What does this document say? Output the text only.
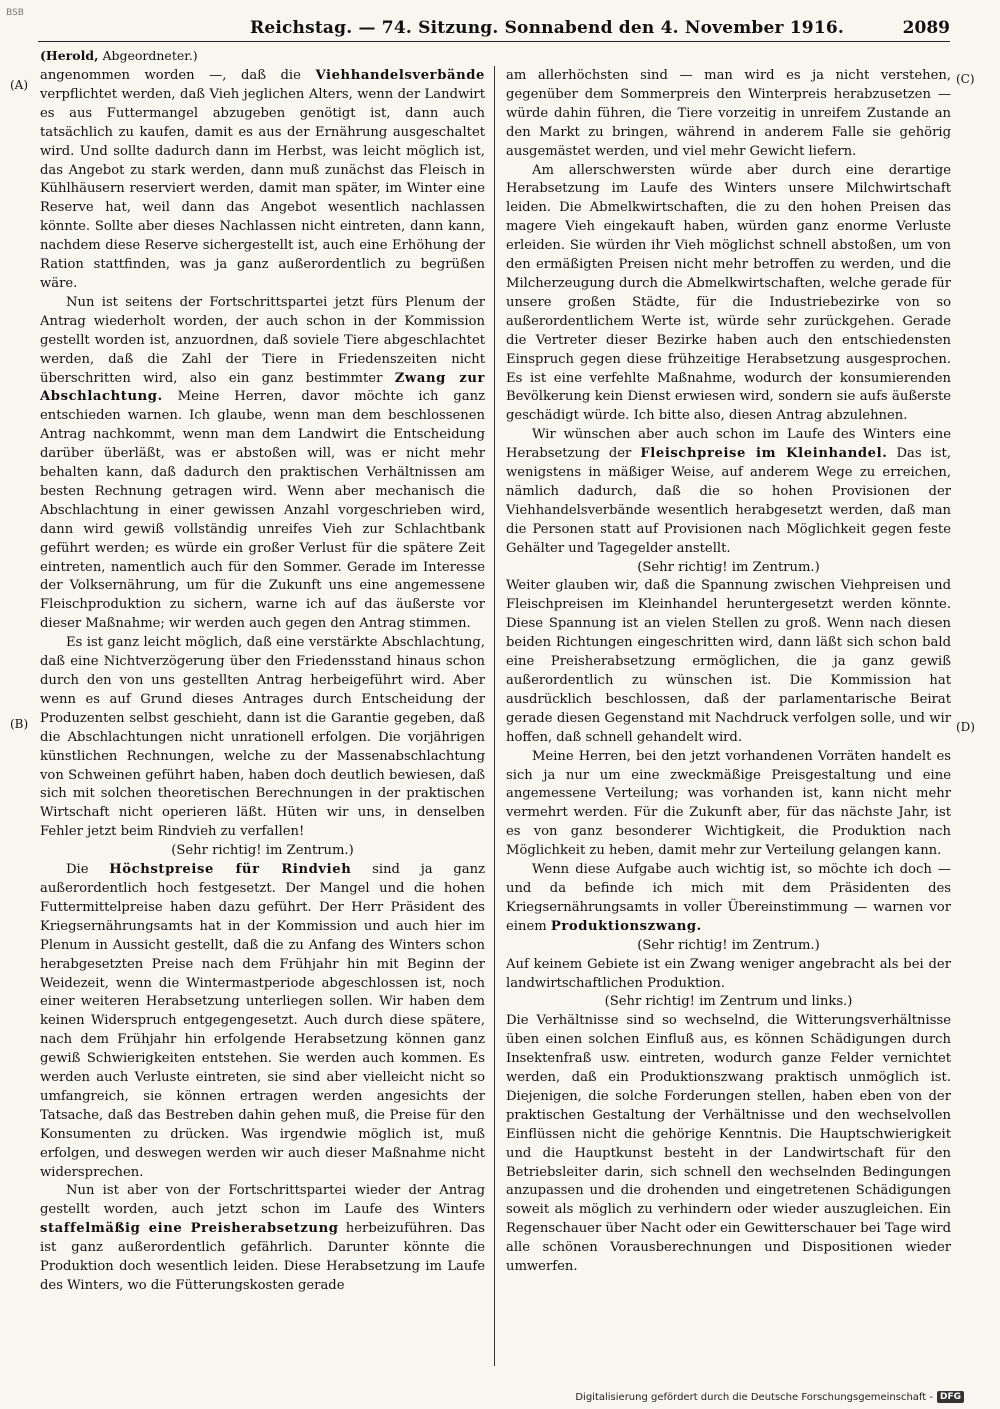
BSB
Reichstag. — 74. Sitzung. Sonnabend den 4. November 1916.	2089
(Herold, Abgeordneter.)
(A)
(B)
(C)
(D)

angenommen worden —, daß die Viehhandelsverbände verpflichtet werden, daß Vieh jeglichen Alters, wenn der Landwirt es aus Futtermangel abzugeben genötigt ist, dann auch tatsächlich zu kaufen, damit es aus der Ernährung ausgeschaltet wird. Und sollte dadurch dann im Herbst, was leicht möglich ist, das Angebot zu stark werden, dann muß zunächst das Fleisch in Kühlhäusern reserviert werden, damit man später, im Winter eine Reserve hat, weil dann das Angebot wesentlich nachlassen könnte. Sollte aber dieses Nachlassen nicht eintreten, dann kann, nachdem diese Reserve sichergestellt ist, auch eine Erhöhung der Ration stattfinden, was ja ganz außerordentlich zu begrüßen wäre.

Nun ist seitens der Fortschrittspartei jetzt fürs Plenum der Antrag wiederholt worden, der auch schon in der Kommission gestellt worden ist, anzuordnen, daß soviele Tiere abgeschlachtet werden, daß die Zahl der Tiere in Friedenszeiten nicht überschritten wird, also ein ganz bestimmter Zwang zur Abschlachtung. Meine Herren, davor möchte ich ganz entschieden warnen. Ich glaube, wenn man dem beschlossenen Antrag nachkommt, wenn man dem Landwirt die Entscheidung darüber überläßt, was er abstoßen will, was er nicht mehr behalten kann, daß dadurch den praktischen Verhältnissen am besten Rechnung getragen wird. Wenn aber mechanisch die Abschlachtung in einer gewissen Anzahl vorgeschrieben wird, dann wird gewiß vollständig unreifes Vieh zur Schlachtbank geführt werden; es würde ein großer Verlust für die spätere Zeit eintreten, namentlich auch für den Sommer. Gerade im Interesse der Volksernährung, um für die Zukunft uns eine angemessene Fleischproduktion zu sichern, warne ich auf das äußerste vor dieser Maßnahme; wir werden auch gegen den Antrag stimmen.

Es ist ganz leicht möglich, daß eine verstärkte Abschlachtung, daß eine Nichtverzögerung über den Friedensstand hinaus schon durch den von uns gestellten Antrag herbeigeführt wird. Aber wenn es auf Grund dieses Antrages durch Entscheidung der Produzenten selbst geschieht, dann ist die Garantie gegeben, daß die Abschlachtungen nicht unrationell erfolgen. Die vorjährigen künstlichen Rechnungen, welche zu der Massenabschlachtung von Schweinen geführt haben, haben doch deutlich bewiesen, daß sich mit solchen theoretischen Berechnungen in der praktischen Wirtschaft nicht operieren läßt. Hüten wir uns, in denselben Fehler jetzt beim Rindvieh zu verfallen!

(Sehr richtig! im Zentrum.)

Die Höchstpreise für Rindvieh sind ja ganz außerordentlich hoch festgesetzt. Der Mangel und die hohen Futtermittelpreise haben dazu geführt. Der Herr Präsident des Kriegsernährungsamts hat in der Kommission und auch hier im Plenum in Aussicht gestellt, daß die zu Anfang des Winters schon herabgesetzten Preise nach dem Frühjahr hin mit Beginn der Weidezeit, wenn die Wintermastperiode abgeschlossen ist, noch einer weiteren Herabsetzung unterliegen sollen. Wir haben dem keinen Widerspruch entgegengesetzt. Auch durch diese spätere, nach dem Frühjahr hin erfolgende Herabsetzung können ganz gewiß Schwierigkeiten entstehen. Sie werden auch kommen. Es werden auch Verluste eintreten, sie sind aber vielleicht nicht so umfangreich, sie können ertragen werden angesichts der Tatsache, daß das Bestreben dahin gehen muß, die Preise für den Konsumenten zu drücken. Was irgendwie möglich ist, muß erfolgen, und deswegen werden wir auch dieser Maßnahme nicht widersprechen.

Nun ist aber von der Fortschrittspartei wieder der Antrag gestellt worden, auch jetzt schon im Laufe des Winters staffelmäßig eine Preisherabsetzung herbeizuführen. Das ist ganz außerordentlich gefährlich. Darunter könnte die Produktion doch wesentlich leiden. Diese Herabsetzung im Laufe des Winters, wo die Fütterungskosten gerade

am allerhöchsten sind — man wird es ja nicht verstehen, gegenüber dem Sommerpreis den Winterpreis herabzusetzen — würde dahin führen, die Tiere vorzeitig in unreifem Zustande an den Markt zu bringen, während in anderem Falle sie gehörig ausgemästet werden, und viel mehr Gewicht liefern.

Am allerschwersten würde aber durch eine derartige Herabsetzung im Laufe des Winters unsere Milchwirtschaft leiden. Die Abmelkwirtschaften, die zu den hohen Preisen das magere Vieh eingekauft haben, würden ganz enorme Verluste erleiden. Sie würden ihr Vieh möglichst schnell abstoßen, um von den ermäßigten Preisen nicht mehr betroffen zu werden, und die Milcherzeugung durch die Abmelkwirtschaften, welche gerade für unsere großen Städte, für die Industriebezirke von so außerordentlichem Werte ist, würde sehr zurückgehen. Gerade die Vertreter dieser Bezirke haben auch den entschiedensten Einspruch gegen diese frühzeitige Herabsetzung ausgesprochen. Es ist eine verfehlte Maßnahme, wodurch der konsumierenden Bevölkerung kein Dienst erwiesen wird, sondern sie aufs äußerste geschädigt würde. Ich bitte also, diesen Antrag abzulehnen.

Wir wünschen aber auch schon im Laufe des Winters eine Herabsetzung der Fleischpreise im Kleinhandel. Das ist, wenigstens in mäßiger Weise, auf anderem Wege zu erreichen, nämlich dadurch, daß die so hohen Provisionen der Viehhandelsverbände wesentlich herabgesetzt werden, daß man die Personen statt auf Provisionen nach Möglichkeit gegen feste Gehälter und Tagegelder anstellt.

(Sehr richtig! im Zentrum.)

Weiter glauben wir, daß die Spannung zwischen Viehpreisen und Fleischpreisen im Kleinhandel heruntergesetzt werden könnte. Diese Spannung ist an vielen Stellen zu groß. Wenn nach diesen beiden Richtungen eingeschritten wird, dann läßt sich schon bald eine Preisherabsetzung ermöglichen, die ja ganz gewiß außerordentlich zu wünschen ist. Die Kommission hat ausdrücklich beschlossen, daß der parlamentarische Beirat gerade diesen Gegenstand mit Nachdruck verfolgen solle, und wir hoffen, daß schnell gehandelt wird.

Meine Herren, bei den jetzt vorhandenen Vorräten handelt es sich ja nur um eine zweckmäßige Preisgestaltung und eine angemessene Verteilung; was vorhanden ist, kann nicht mehr vermehrt werden. Für die Zukunft aber, für das nächste Jahr, ist es von ganz besonderer Wichtigkeit, die Produktion nach Möglichkeit zu heben, damit mehr zur Verteilung gelangen kann.

Wenn diese Aufgabe auch wichtig ist, so möchte ich doch — und da befinde ich mich mit dem Präsidenten des Kriegsernährungsamts in voller Übereinstimmung — warnen vor einem Produktionszwang.

(Sehr richtig! im Zentrum.)

Auf keinem Gebiete ist ein Zwang weniger angebracht als bei der landwirtschaftlichen Produktion.

(Sehr richtig! im Zentrum und links.)

Die Verhältnisse sind so wechselnd, die Witterungsverhältnisse üben einen solchen Einfluß aus, es können Schädigungen durch Insektenfraß usw. eintreten, wodurch ganze Felder vernichtet werden, daß ein Produktionszwang praktisch unmöglich ist. Diejenigen, die solche Forderungen stellen, haben eben von der praktischen Gestaltung der Verhältnisse und den wechselvollen Einflüssen nicht die gehörige Kenntnis. Die Hauptschwierigkeit und die Hauptkunst besteht in der Landwirtschaft für den Betriebsleiter darin, sich schnell den wechselnden Bedingungen anzupassen und die drohenden und eingetretenen Schädigungen soweit als möglich zu verhindern oder wieder auszugleichen. Ein Regenschauer über Nacht oder ein Gewitterschauer bei Tage wird alle schönen Vorausberechnungen und Dispositionen wieder umwerfen.

Digitalisierung gefördert durch die Deutsche Forschungsgemeinschaft - DFG
